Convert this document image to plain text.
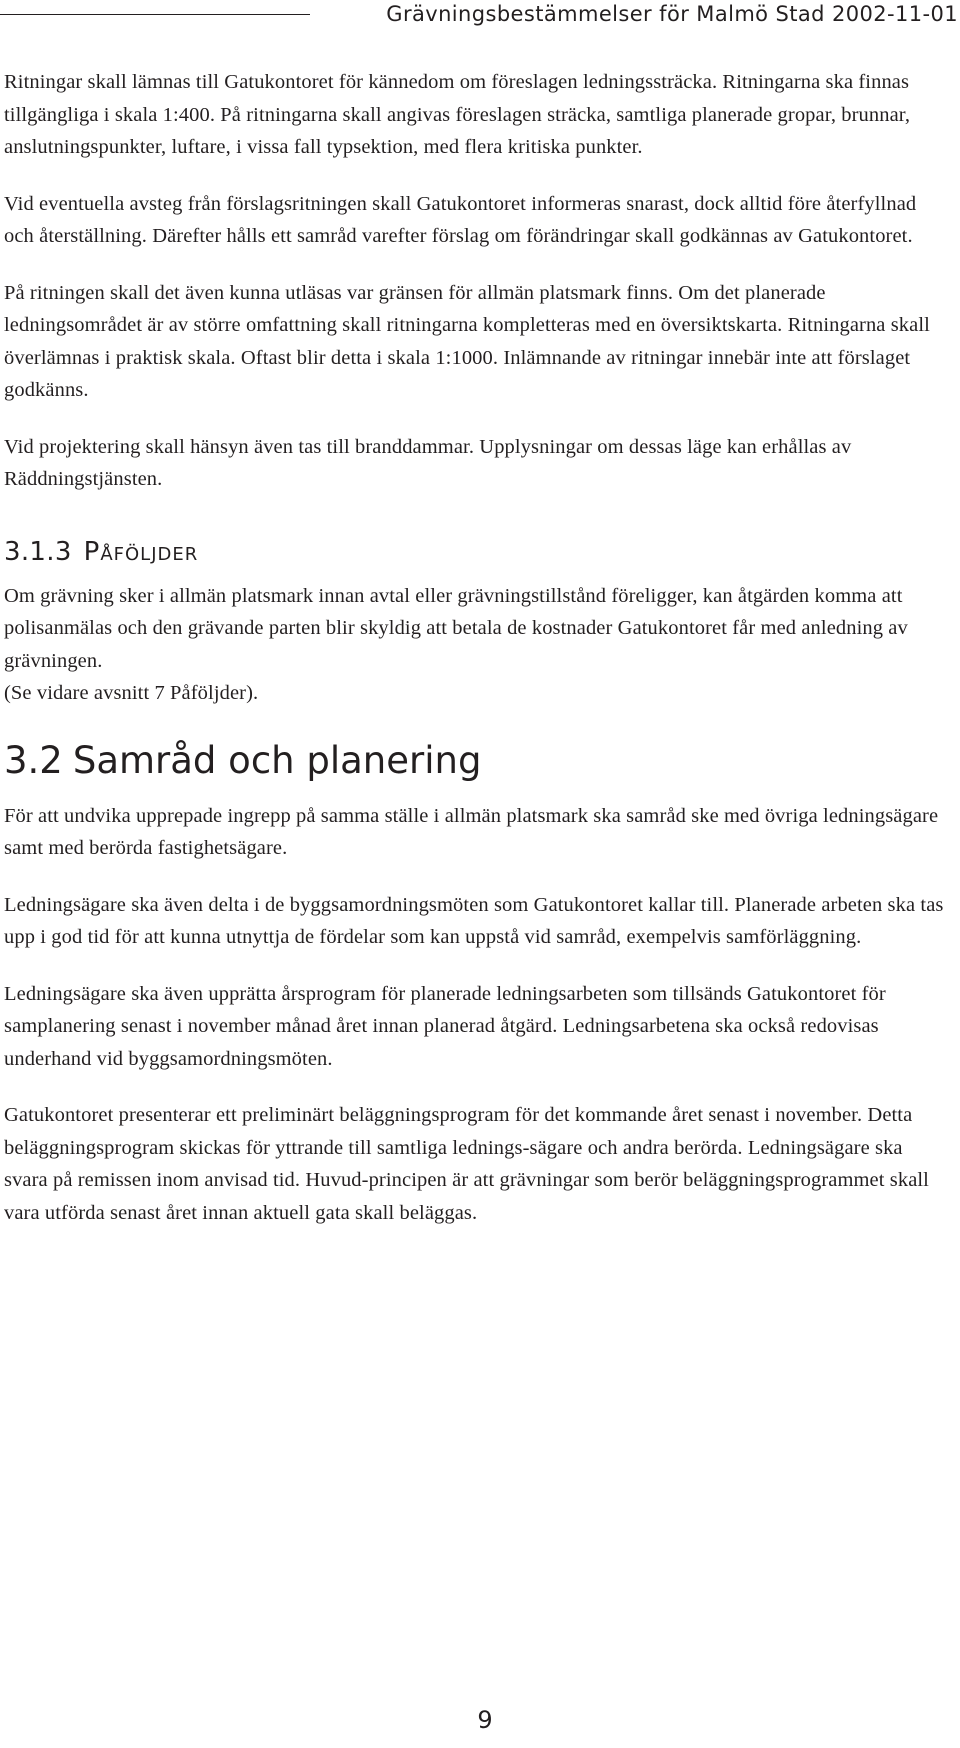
Grävningsbestämmelser för Malmö Stad 2002-11-01

Ritningar skall lämnas till Gatukontoret för kännedom om föreslagen ledningssträcka. Ritningarna ska finnas tillgängliga i skala 1:400. På ritningarna skall angivas föreslagen sträcka, samtliga planerade gropar, brunnar, anslutningspunkter, luftare, i vissa fall typsektion, med flera kritiska punkter.

Vid eventuella avsteg från förslagsritningen skall Gatukontoret informeras snarast, dock alltid före återfyllnad och återställning. Därefter hålls ett samråd varefter förslag om förändringar skall godkännas av Gatukontoret.

På ritningen skall det även kunna utläsas var gränsen för allmän platsmark finns. Om det planerade ledningsområdet är av större omfattning skall ritningarna kompletteras med en översiktskarta. Ritningarna skall överlämnas i praktisk skala. Oftast blir detta i skala 1:1000. Inlämnande av ritningar innebär inte att förslaget godkänns.

Vid projektering skall hänsyn även tas till branddammar. Upplysningar om dessas läge kan erhållas av Räddningstjänsten.

3.1.3 Påföljder

Om grävning sker i allmän platsmark innan avtal eller grävningstillstånd föreligger, kan åtgärden komma att polisanmälas och den grävande parten blir skyldig att betala de kostnader Gatukontoret får med anledning av grävningen.

(Se vidare avsnitt 7 Påföljder).

3.2 Samråd och planering

För att undvika upprepade ingrepp på samma ställe i allmän platsmark ska samråd ske med övriga ledningsägare samt med berörda fastighetsägare.

Ledningsägare ska även delta i de byggsamordningsmöten som Gatukontoret kallar till. Planerade arbeten ska tas upp i god tid för att kunna utnyttja de fördelar som kan uppstå vid samråd, exempelvis samförläggning.

Ledningsägare ska även upprätta årsprogram för planerade ledningsarbeten som tillsänds Gatukontoret för samplanering senast i november månad året innan planerad åtgärd. Ledningsarbetena ska också redovisas underhand vid byggsamordningsmöten.

Gatukontoret presenterar ett preliminärt beläggningsprogram för det kommande året senast i november. Detta beläggningsprogram skickas för yttrande till samtliga lednings-sägare och andra berörda. Ledningsägare ska svara på remissen inom anvisad tid. Huvud-principen är att grävningar som berör beläggningsprogrammet skall vara utförda senast året innan aktuell gata skall beläggas.

9
